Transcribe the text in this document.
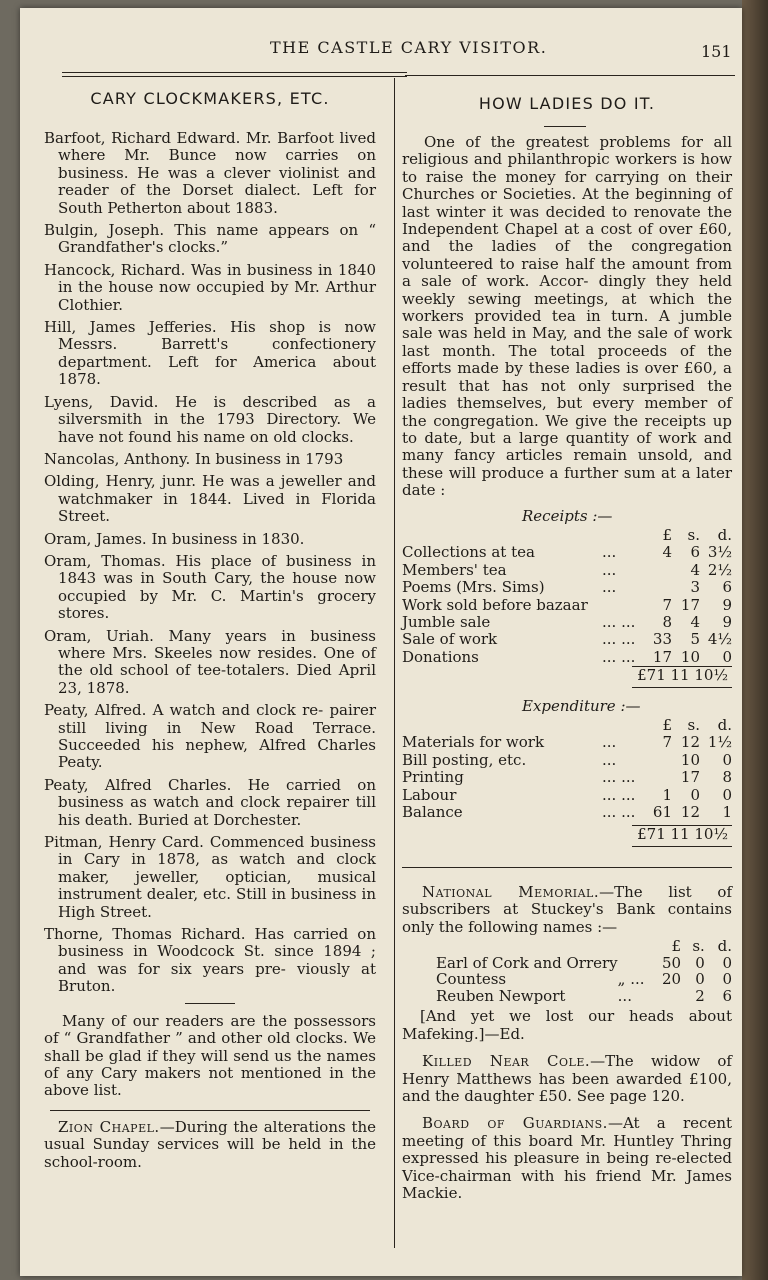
THE CASTLE CARY VISITOR.	151
CARY CLOCKMAKERS, ETC.	HOW LADIES DO IT.

Barfoot, Richard Edward. Mr. Barfoot lived where Mr. Bunce now carries on business. He was a clever violinist and reader of the Dorset dialect. Left for South Petherton about 1883.

Bulgin, Joseph. This name appears on “ Grandfather's clocks.”

Hancock, Richard. Was in business in 1840 in the house now occupied by Mr. Arthur Clothier.

Hill, James Jefferies. His shop is now Messrs. Barrett's confectionery department. Left for America about 1878.

Lyens, David. He is described as a silversmith in the 1793 Directory. We have not found his name on old clocks.

Nancolas, Anthony. In business in 1793

Olding, Henry, junr. He was a jeweller and watchmaker in 1844. Lived in Florida Street.

Oram, James. In business in 1830.

Oram, Thomas. His place of business in 1843 was in South Cary, the house now occupied by Mr. C. Martin's grocery stores.

Oram, Uriah. Many years in business where Mrs. Skeeles now resides. One of the old school of tee-totalers. Died April 23, 1878.

Peaty, Alfred. A watch and clock re- pairer still living in New Road Terrace. Succeeded his nephew, Alfred Charles Peaty.

Peaty, Alfred Charles. He carried on business as watch and clock repairer till his death. Buried at Dorchester.

Pitman, Henry Card. Commenced business in Cary in 1878, as watch and clock maker, jeweller, optician, musical instrument dealer, etc. Still in business in High Street.

Thorne, Thomas Richard. Has carried on business in Woodcock St. since 1894 ; and was for six years pre- viously at Bruton.

Many of our readers are the possessors of “ Grandfather ” and other old clocks. We shall be glad if they will send us the names of any Cary makers not mentioned in the above list.

Zion Chapel.—During the alterations the usual Sunday services will be held in the school-room.

One of the greatest problems for all religious and philanthropic workers is how to raise the money for carrying on their Churches or Societies. At the beginning of last winter it was decided to renovate the Independent Chapel at a cost of over £60, and the ladies of the congregation volunteered to raise half the amount from a sale of work. Accor- dingly they held weekly sewing meetings, at which the workers provided tea in turn. A jumble sale was held in May, and the sale of work last month. The total proceeds of the efforts made by these ladies is over £60, a result that has not only surprised the ladies themselves, but every member of the congregation. We give the receipts up to date, but a large quantity of work and many fancy articles remain unsold, and these will produce a further sum at a later date :

Receipts :—
		£	s.	d.
Collections at tea	...	4	6	3½
Members' tea	...		4	2½
Poems (Mrs. Sims)	...		3	6
Work sold before bazaar		7	17	9
Jumble sale	... ...	8	4	9
Sale of work	... ...	33	5	4½
Donations	... ...	17	10	0
£71 11 10½
Expenditure :—
		£	s.	d.
Materials for work	...	7	12	1½
Bill posting, etc.	...		10	0
Printing	... ...		17	8
Labour	... ...	1	0	0
Balance	... ...	61	12	1
£71 11 10½

National Memorial.—The list of subscribers at Stuckey's Bank contains only the following names :—

		£	s.	d.
Earl of Cork and Orrery		50	0	0
Countess	„ ...	20	0	0
Reuben Newport	...		2	6

[And yet we lost our heads about Mafeking.]—Ed.

Killed Near Cole.—The widow of Henry Matthews has been awarded £100, and the daughter £50. See page 120.

Board of Guardians.—At a recent meeting of this board Mr. Huntley Thring expressed his pleasure in being re-elected Vice-chairman with his friend Mr. James Mackie.
